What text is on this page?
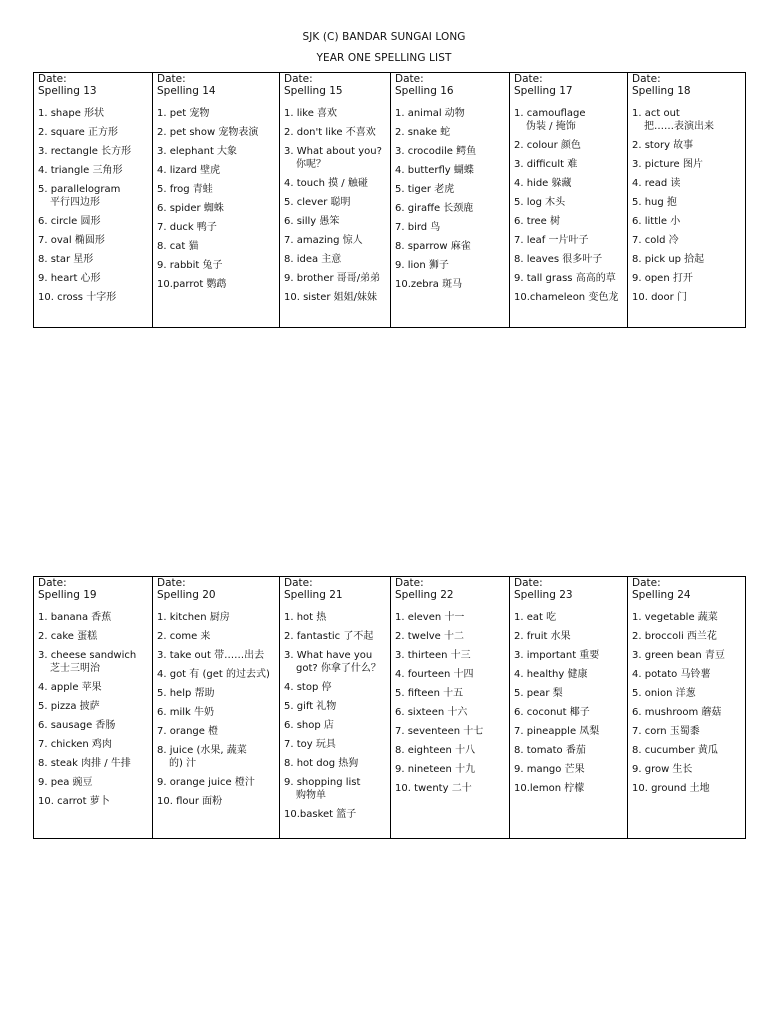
SJK (C) BANDAR SUNGAI LONG
YEAR ONE SPELLING LIST
Date:
Spelling 13
1. shape 形状
2. square 正方形
3. rectangle 长方形
4. triangle 三角形
5. parallelogram
平行四边形
6. circle 圆形
7. oval 椭圆形
8. star 星形
9. heart 心形
10. cross 十字形

Date:
Spelling 14
1. pet 宠物
2. pet show 宠物表演
3. elephant 大象
4. lizard 壁虎
5. frog 青蛙
6. spider 蜘蛛
7. duck 鸭子
8. cat 猫
9. rabbit 兔子
10.parrot 鹦鹉

Date:
Spelling 15
1. like 喜欢
2. don't like 不喜欢
3. What about you?
你呢？
4. touch 摸 / 触碰
5. clever 聪明
6. silly 愚笨
7. amazing 惊人
8. idea 主意
9. brother 哥哥/弟弟
10. sister 姐姐/妹妹

Date:
Spelling 16
1. animal 动物
2. snake 蛇
3. crocodile 鳄鱼
4. butterfly 蝴蝶
5. tiger 老虎
6. giraffe 长颈鹿
7. bird 鸟
8. sparrow 麻雀
9. lion 狮子
10.zebra 斑马

Date:
Spelling 17
1. camouflage
伪装 / 掩饰
2. colour 颜色
3. difficult 难
4. hide 躲藏
5. log 木头
6. tree 树
7. leaf 一片叶子
8. leaves 很多叶子
9. tall grass 高高的草
10.chameleon 变色龙

Date:
Spelling 18
1. act out
把……表演出来
2. story 故事
3. picture 图片
4. read 读
5. hug 抱
6. little 小
7. cold 冷
8. pick up 拾起
9. open 打开
10. door 门
Date:
Spelling 19
1. banana 香蕉
2. cake 蛋糕
3. cheese sandwich
芝士三明治
4. apple 苹果
5. pizza 披萨
6. sausage 香肠
7. chicken 鸡肉
8. steak 肉排 / 牛排
9. pea 豌豆
10. carrot 萝卜

Date:
Spelling 20
1. kitchen 厨房
2. come 来
3. take out 带……出去
4. got 有 (get 的过去式)
5. help 帮助
6. milk 牛奶
7. orange 橙
8. juice (水果, 蔬菜
的) 汁
9. orange juice 橙汁
10. flour 面粉

Date:
Spelling 21
1. hot 热
2. fantastic 了不起
3. What have you
got? 你拿了什么？
4. stop 停
5. gift 礼物
6. shop 店
7. toy 玩具
8. hot dog 热狗
9. shopping list
购物单
10.basket 篮子

Date:
Spelling 22
1. eleven 十一
2. twelve 十二
3. thirteen 十三
4. fourteen 十四
5. fifteen 十五
6. sixteen 十六
7. seventeen 十七
8. eighteen 十八
9. nineteen 十九
10. twenty 二十

Date:
Spelling 23
1. eat 吃
2. fruit 水果
3. important 重要
4. healthy 健康
5. pear 梨
6. coconut 椰子
7. pineapple 凤梨
8. tomato 番茄
9. mango 芒果
10.lemon 柠檬

Date:
Spelling 24
1. vegetable 蔬菜
2. broccoli 西兰花
3. green bean 青豆
4. potato 马铃薯
5. onion 洋葱
6. mushroom 蘑菇
7. corn 玉蜀黍
8. cucumber 黄瓜
9. grow 生长
10. ground 土地
